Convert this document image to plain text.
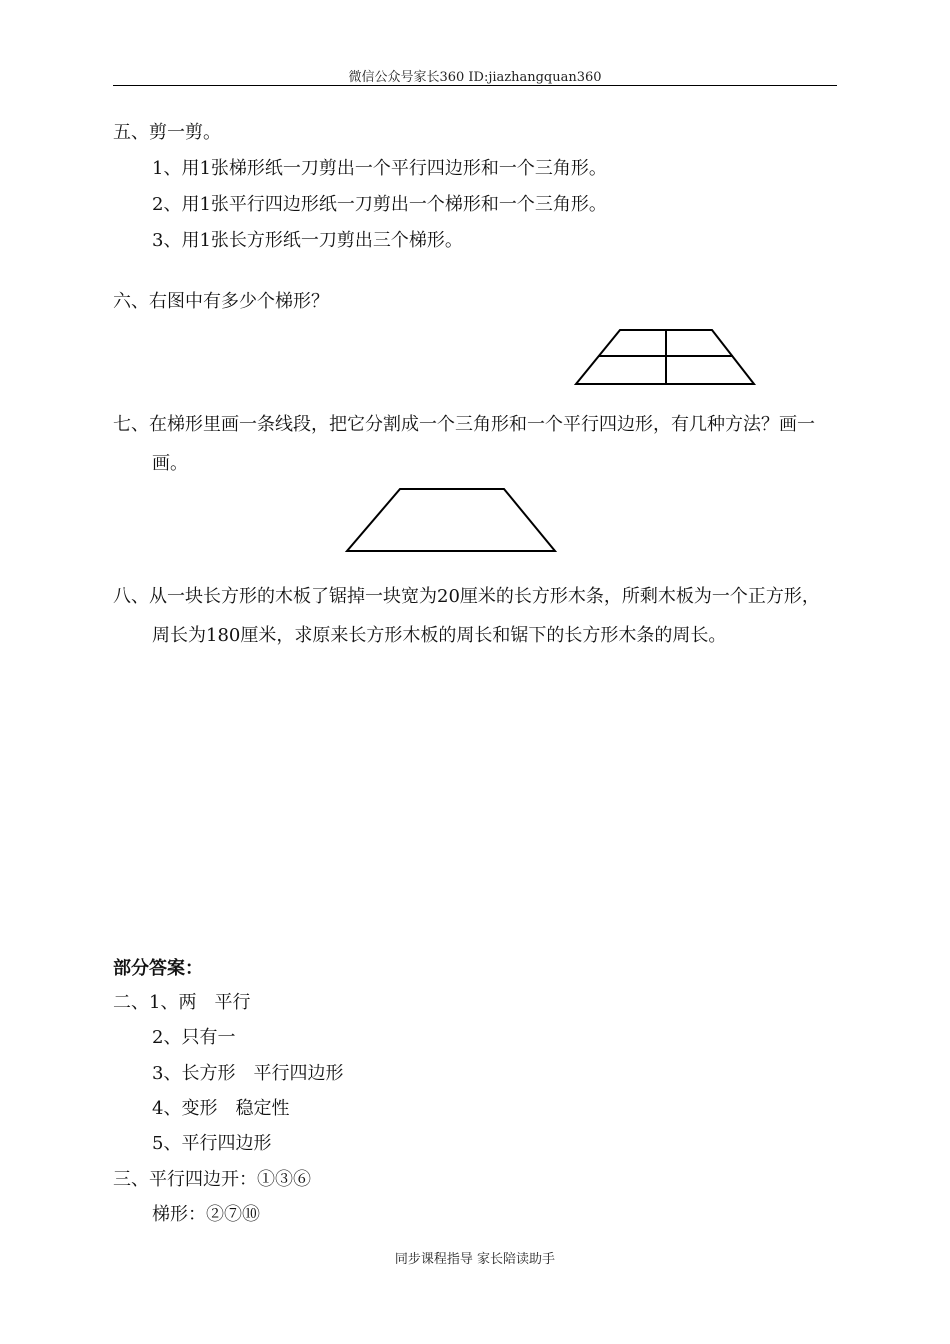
微信公众号家长360 ID:jiazhangquan360
五、剪一剪。
1、用1张梯形纸一刀剪出一个平行四边形和一个三角形。
2、用1张平行四边形纸一刀剪出一个梯形和一个三角形。
3、用1张长方形纸一刀剪出三个梯形。
六、右图中有多少个梯形？
七、在梯形里画一条线段，把它分割成一个三角形和一个平行四边形，有几种方法？画一
画。
八、从一块长方形的木板了锯掉一块宽为20厘米的长方形木条，所剩木板为一个正方形，
周长为180厘米，求原来长方形木板的周长和锯下的长方形木条的周长。
部分答案：
二、1、两　平行
2、只有一
3、长方形　平行四边形
4、变形　稳定性
5、平行四边形
三、平行四边开：①③⑥
梯形：②⑦⑩
同步课程指导 家长陪读助手
